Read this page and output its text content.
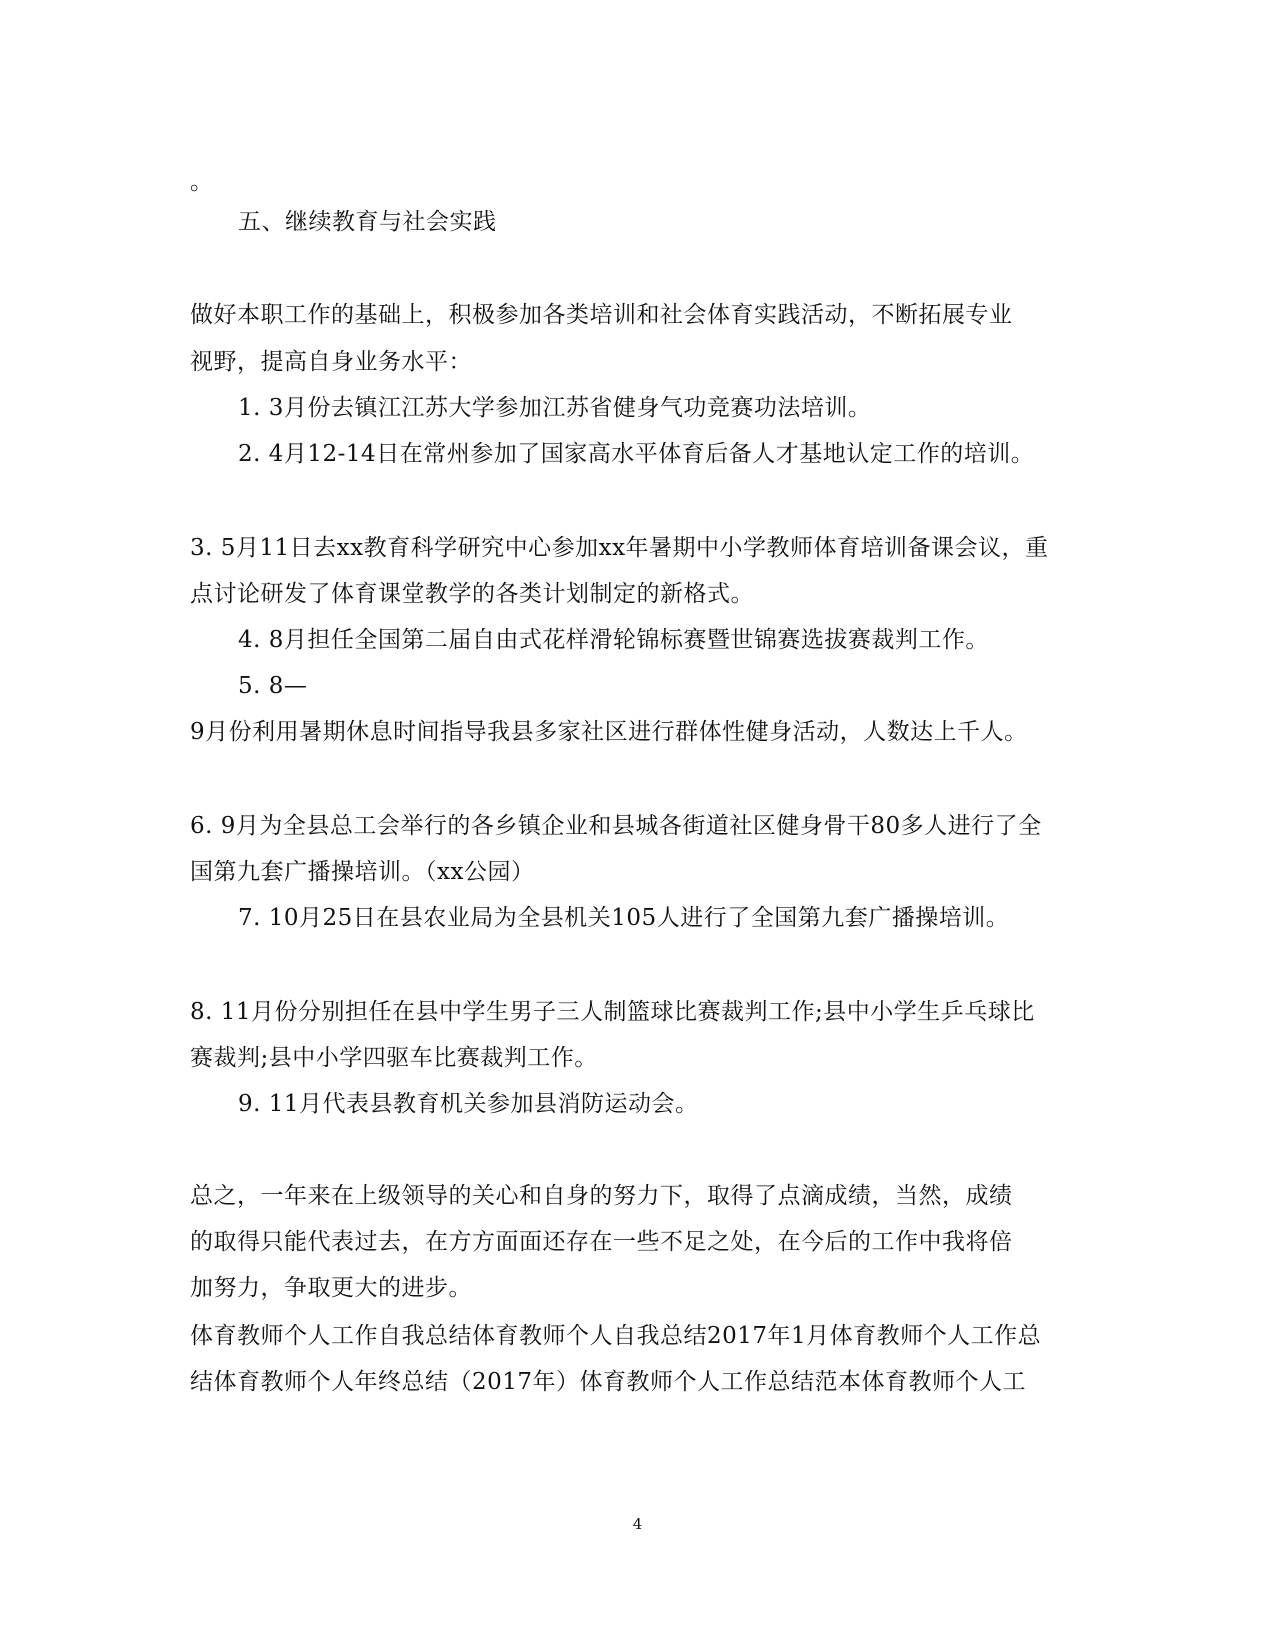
。

五、继续教育与社会实践

做好本职工作的基础上，积极参加各类培训和社会体育实践活动，不断拓展专业

视野，提高自身业务水平：

1. 3月份去镇江江苏大学参加江苏省健身气功竞赛功法培训。

2. 4月12-14日在常州参加了国家高水平体育后备人才基地认定工作的培训。

3. 5月11日去xx教育科学研究中心参加xx年暑期中小学教师体育培训备课会议，重

点讨论研发了体育课堂教学的各类计划制定的新格式。

4. 8月担任全国第二届自由式花样滑轮锦标赛暨世锦赛选拔赛裁判工作。

5. 8—

9月份利用暑期休息时间指导我县多家社区进行群体性健身活动，人数达上千人。

6. 9月为全县总工会举行的各乡镇企业和县城各街道社区健身骨干80多人进行了全

国第九套广播操培训。（xx公园）

7. 10月25日在县农业局为全县机关105人进行了全国第九套广播操培训。

8. 11月份分别担任在县中学生男子三人制篮球比赛裁判工作;县中小学生乒乓球比

赛裁判;县中小学四驱车比赛裁判工作。

9. 11月代表县教育机关参加县消防运动会。

总之，一年来在上级领导的关心和自身的努力下，取得了点滴成绩，当然，成绩

的取得只能代表过去，在方方面面还存在一些不足之处，在今后的工作中我将倍

加努力，争取更大的进步。

体育教师个人工作自我总结体育教师个人自我总结2017年1月体育教师个人工作总

结体育教师个人年终总结（2017年）体育教师个人工作总结范本体育教师个人工

4
